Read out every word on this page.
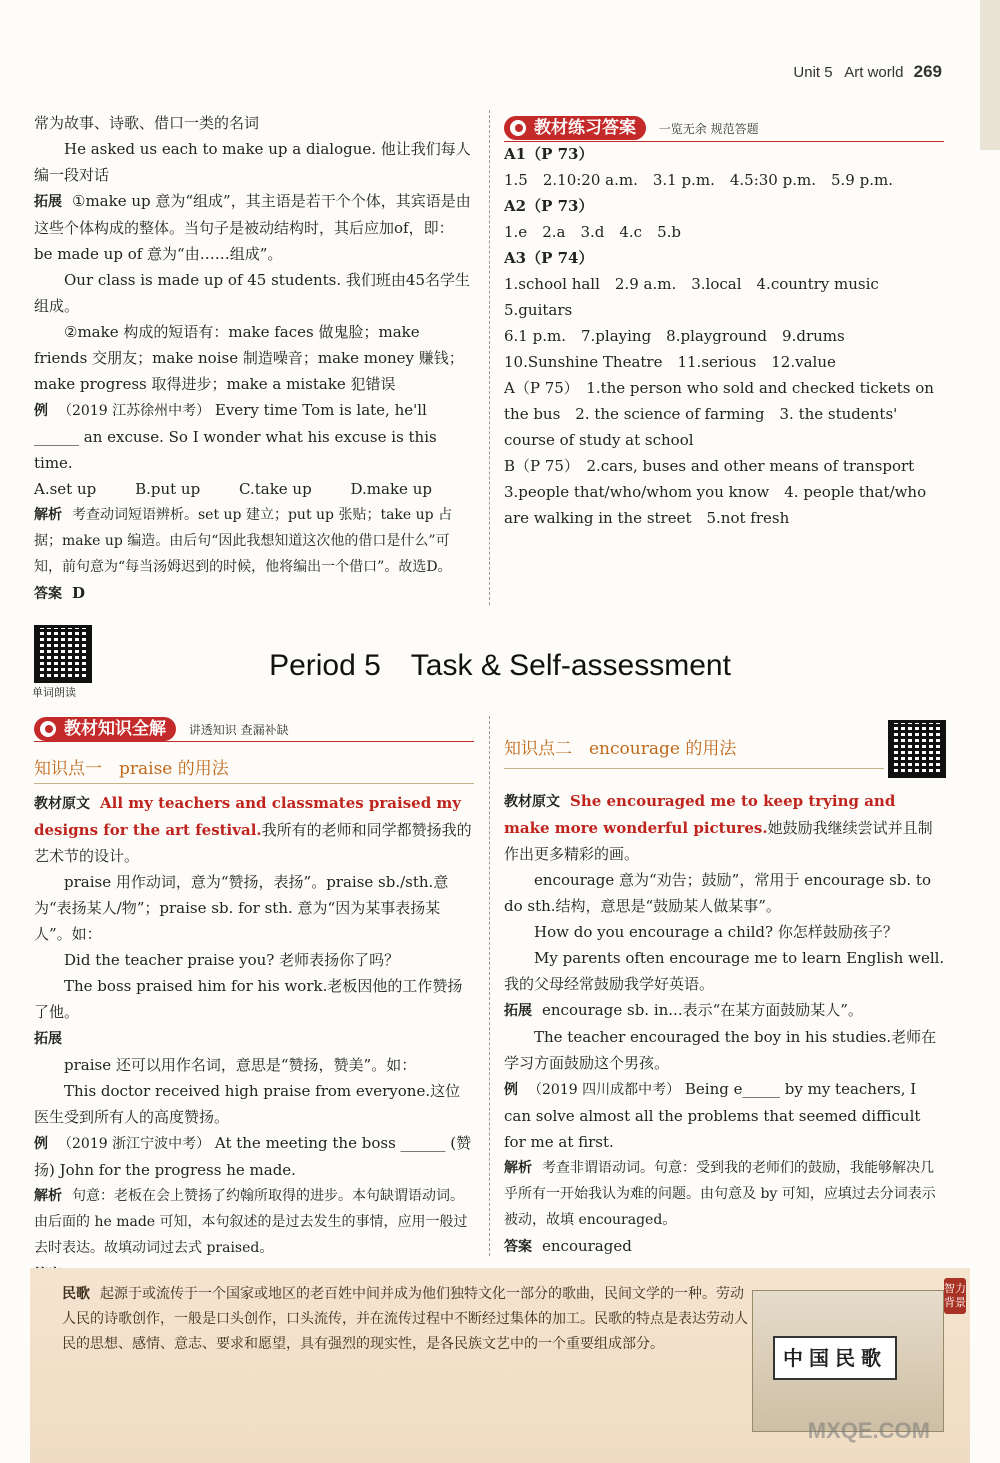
Unit 5 Art world 269

常为故事、诗歌、借口一类的名词

He asked us each to make up a dialogue. 他让我们每人编一段对话

拓展 ①make up 意为“组成”，其主语是若干个个体，其宾语是由这些个体构成的整体。当句子是被动结构时，其后应加of，即：be made up of 意为“由……组成”。

Our class is made up of 45 students. 我们班由45名学生组成。

②make 构成的短语有：make faces 做鬼脸；make friends 交朋友；make noise 制造噪音；make money 赚钱；make progress 取得进步；make a mistake 犯错误

例 （2019 江苏徐州中考） Every time Tom is late, he'll ______ an excuse. So I wonder what his excuse is this time.

A.set up	B.put up	C.take up	D.make up

解析 考查动词短语辨析。set up 建立；put up 张贴；take up 占据；make up 编造。由后句“因此我想知道这次他的借口是什么”可知，前句意为“每当汤姆迟到的时候，他将编出一个借口”。故选D。

答案 D

教材练习答案 一览无余 规范答题

A1（P 73）

1.5　2.10:20 a.m.　3.1 p.m.　4.5:30 p.m.　5.9 p.m.

A2（P 73）

1.e　2.a　3.d　4.c　5.b

A3（P 74）

1.school hall　2.9 a.m.　3.local　4.country music　5.guitars

6.1 p.m.　7.playing　8.playground　9.drums　10.Sunshine Theatre　11.serious　12.value

A（P 75）　1.the person who sold and checked tickets on the bus　2. the science of farming　3. the students' course of study at school

B（P 75）　2.cars, buses and other means of transport　3.people that/who/whom you know　4. people that/who are walking in the street　5.not fresh

单词朗读
Period 5　Task & Self-assessment
教材知识全解 讲透知识 查漏补缺

知识点一　praise 的用法

教材原文 All my teachers and classmates praised my designs for the art festival.我所有的老师和同学都赞扬我的艺术节的设计。

praise 用作动词，意为“赞扬，表扬”。praise sb./sth.意为“表扬某人/物”；praise sb. for sth. 意为“因为某事表扬某人”。如：

Did the teacher praise you? 老师表扬你了吗？

The boss praised him for his work.老板因他的工作赞扬了他。

拓展

praise 还可以用作名词，意思是“赞扬，赞美”。如：

This doctor received high praise from everyone.这位医生受到所有人的高度赞扬。

例 （2019 浙江宁波中考） At the meeting the boss ______ (赞扬) John for the progress he made.

解析 句意：老板在会上赞扬了约翰所取得的进步。本句缺谓语动词。由后面的 he made 可知，本句叙述的是过去发生的事情，应用一般过去时表达。故填动词过去式 praised。

知识点二　encourage 的用法

教材原文 She encouraged me to keep trying and make more wonderful pictures.她鼓励我继续尝试并且制作出更多精彩的画。

encourage 意为“劝告；鼓励”，常用于 encourage sb. to do sth.结构，意思是“鼓励某人做某事”。

How do you encourage a child? 你怎样鼓励孩子？

My parents often encourage me to learn English well.我的父母经常鼓励我学好英语。

拓展 encourage sb. in...表示“在某方面鼓励某人”。

The teacher encouraged the boy in his studies.老师在学习方面鼓励这个男孩。

例 （2019 四川成都中考） Being e_____ by my teachers, I can solve almost all the problems that seemed difficult for me at first.

解析 考查非谓语动词。句意：受到我的老师们的鼓励，我能够解决几乎所有一开始我认为难的问题。由句意及 by 可知，应填过去分词表示被动，故填 encouraged。

答案 encouraged

民歌 起源于或流传于一个国家或地区的老百姓中间并成为他们独特文化一部分的歌曲，民间文学的一种。劳动人民的诗歌创作，一般是口头创作，口头流传，并在流传过程中不断经过集体的加工。民歌的特点是表达劳动人民的思想、感情、意志、要求和愿望，具有强烈的现实性，是各民族文艺中的一个重要组成部分。
中国民歌
智力背景
MXQE.COM
